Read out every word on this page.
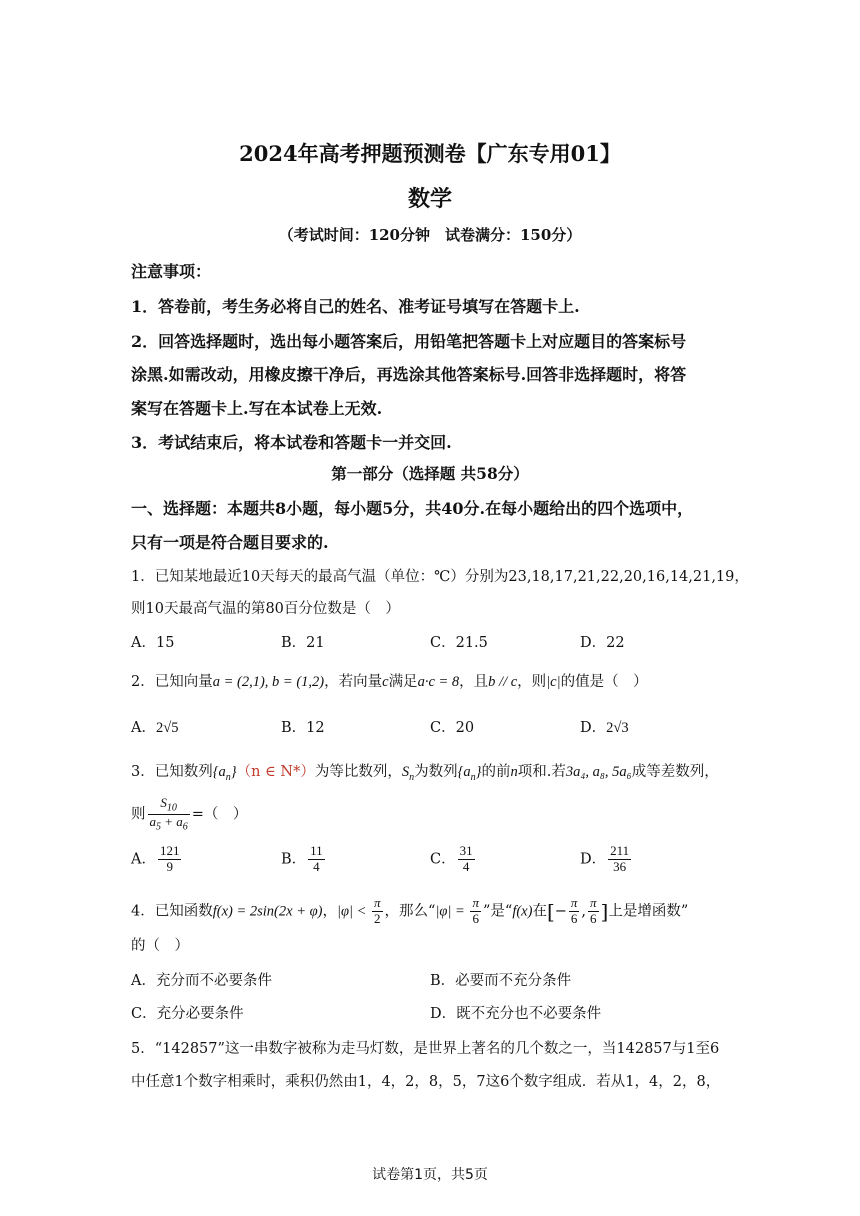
2024年高考押题预测卷【广东专用01】
数学
（考试时间：120分钟　试卷满分：150分）
注意事项：
1．答卷前，考生务必将自己的姓名、准考证号填写在答题卡上.
2．回答选择题时，选出每小题答案后，用铅笔把答题卡上对应题目的答案标号
涂黑.如需改动，用橡皮擦干净后，再选涂其他答案标号.回答非选择题时，将答
案写在答题卡上.写在本试卷上无效.
3．考试结束后，将本试卷和答题卡一并交回.
第一部分（选择题 共58分）
一、选择题：本题共8小题，每小题5分，共40分.在每小题给出的四个选项中，
只有一项是符合题目要求的.
1．已知某地最近10天每天的最高气温（单位：℃）分别为23,18,17,21,22,20,16,14,21,19，
则10天最高气温的第80百分位数是（　）
A．15	B．21	C．21.5	D．22
2．已知向量a = (2,1), b = (1,2)，若向量c满足a·c = 8，且b // c，则|c|的值是（　）
A．2√5	B．12	C．20	D．2√3
3．已知数列$\{a_n\}(n$ ∈ N*）为等比数列，$S_n$为数列$\{a_n\}$的前n项和.若3a₄, a₈, 5a₆成等差数列，
则 $\frac{S_{10}}{a_5 + a_6}$ =（　）
A． $\frac{121}{9}$	B． $\frac{11}{4}$	C． $\frac{31}{4}$	D． $\frac{211}{36}$
4．已知函数f(x) = 2sin(2x + φ)，$|\varphi| < \frac{\pi}{2}$ ，那么“$|\varphi| = \frac{\pi}{6}$ ”是“f(x)在[− $\frac{\pi}{6}$ , $\frac{\pi}{6}$ ]上是增函数”
的（　）
A．充分而不必要条件	B．必要而不充分条件
C．充分必要条件	D．既不充分也不必要条件
5．“142857”这一串数字被称为走马灯数，是世界上著名的几个数之一，当142857与1至6
中任意1个数字相乘时，乘积仍然由1，4，2，8，5，7这6个数字组成．若从1，4，2，8，
试卷第1页，共5页
